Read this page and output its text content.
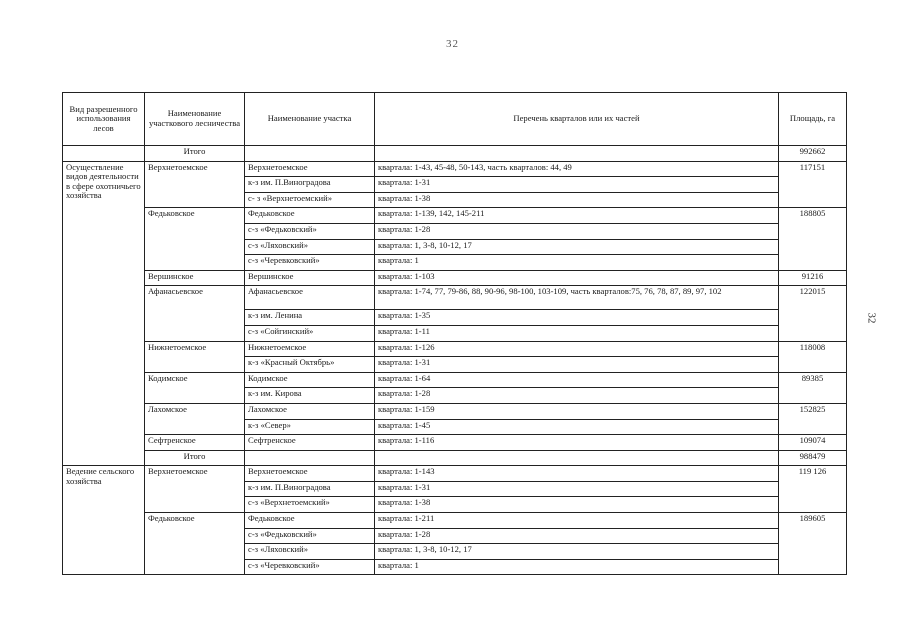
32
32
Вид разрешенного использования лесов	Наименование участкового лесничества	Наименование участка	Перечень кварталов или их частей	Площадь, га
	Итого			992662
Осуществление видов деятельности в сфере охотничьего хозяйства	Верхнетоемское	Верхнетоемское	квартала: 1-43, 45-48, 50-143, часть кварталов: 44, 49	117151
		к-з им. П.Виноградова	квартала: 1-31	
		с- з «Верхнетоемский»	квартала: 1-38	
	Федьковское	Федьковское	квартала: 1-139, 142, 145-211	188805
		с-з «Федьковский»	квартала: 1-28	
		с-з «Ляховский»	квартала: 1, 3-8, 10-12, 17	
		с-з «Черевковский»	квартала: 1	
	Вершинское	Вершинское	квартала: 1-103	91216
	Афанасьевское	Афанасьевское	квартала: 1-74, 77, 79-86, 88, 90-96, 98-100, 103-109, часть кварталов:75, 76, 78, 87, 89, 97, 102	122015
		к-з им. Ленина	квартала: 1-35	
		с-з «Сойгинский»	квартала: 1-11	
	Нижнетоемское	Нижнетоемское	квартала: 1-126	118008
		к-з «Красный Октябрь»	квартала: 1-31	
	Кодимское	Кодимское	квартала: 1-64	89385
		к-з им. Кирова	квартала: 1-28	
	Лахомское	Лахомское	квартала: 1-159	152825
		к-з «Север»	квартала: 1-45	
	Сефтренское	Сефтренское	квартала: 1-116	109074
	Итого			988479
Ведение сельского хозяйства	Верхнетоемское	Верхнетоемское	квартала: 1-143	119 126
		к-з им. П.Виноградова	квартала: 1-31	
		с-з «Верхнетоемский»	квартала: 1-38	
	Федьковское	Федьковское	квартала: 1-211	189605
		с-з «Федьковский»	квартала: 1-28	
		с-з «Ляховский»	квартала: 1, 3-8, 10-12, 17	
		с-з «Черевковский»	квартала: 1	
